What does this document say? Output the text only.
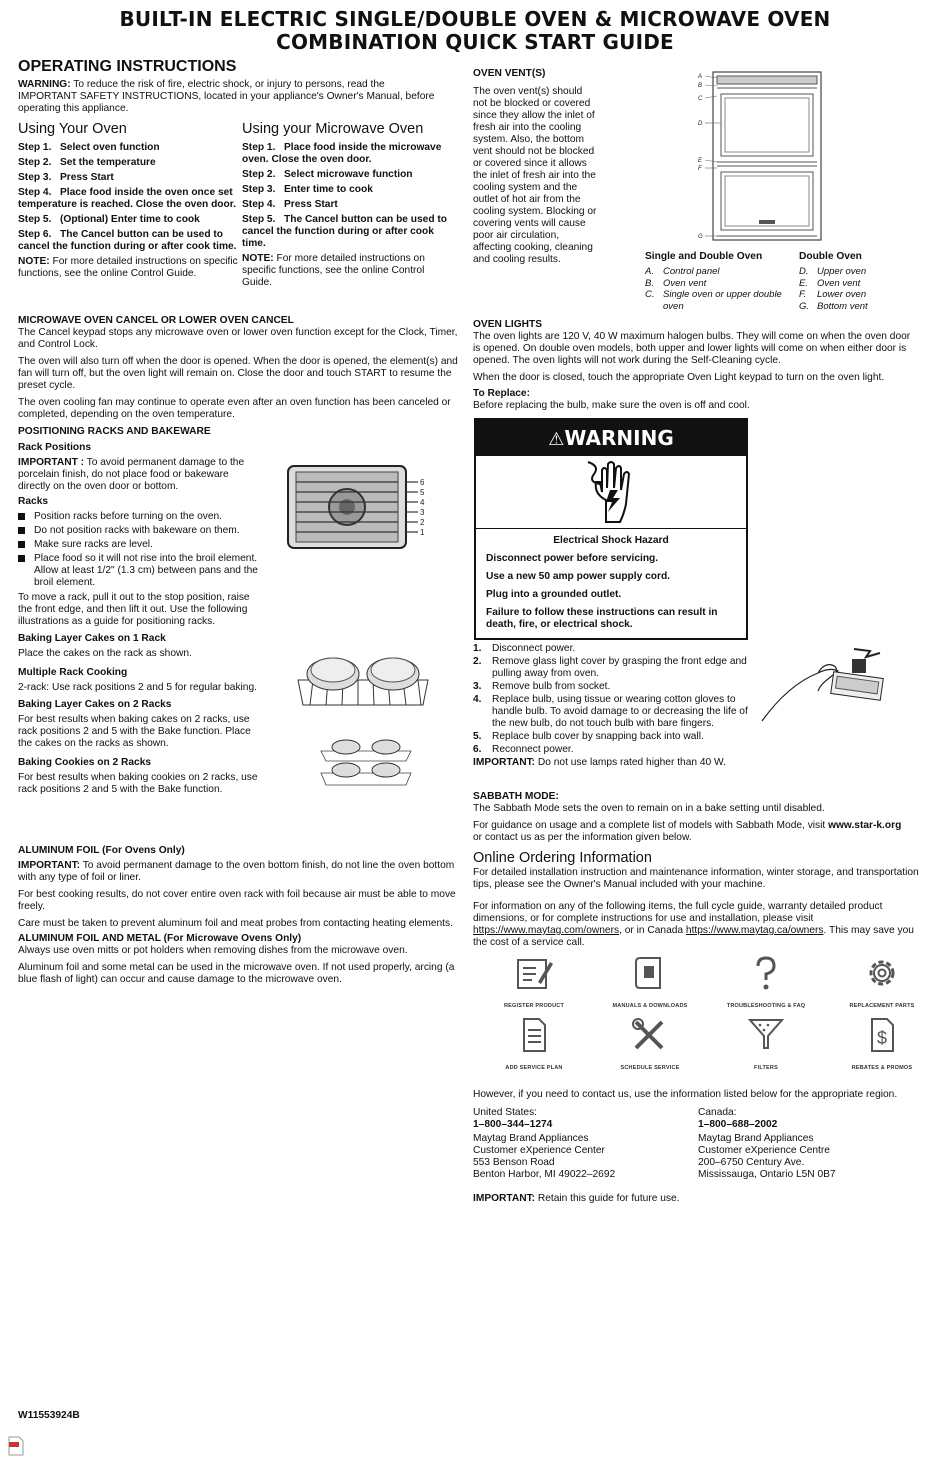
BUILT-IN ELECTRIC SINGLE/DOUBLE OVEN & MICROWAVE OVEN
COMBINATION QUICK START GUIDE
OPERATING INSTRUCTIONS

WARNING: To reduce the risk of fire, electric shock, or injury to persons, read the IMPORTANT SAFETY INSTRUCTIONS, located in your appliance's Owner's Manual, before operating this appliance.

Using Your Oven

Step 1. Select oven function

Step 2. Set the temperature

Step 3. Press Start

Step 4. Place food inside the oven once set temperature is reached. Close the oven door.

Step 5. (Optional) Enter time to cook

Step 6. The Cancel button can be used to cancel the function during or after cook time.

NOTE: For more detailed instructions on specific functions, see the online Control Guide.

Using your Microwave Oven

Step 1. Place food inside the microwave oven. Close the oven door.

Step 2. Select microwave function

Step 3. Enter time to cook

Step 4. Press Start

Step 5. The Cancel button can be used to cancel the function during or after cook time.

NOTE: For more detailed instructions on specific functions, see the online Control Guide.

MICROWAVE OVEN CANCEL OR LOWER OVEN CANCEL

The Cancel keypad stops any microwave oven or lower oven function except for the Clock, Timer, and Control Lock.

The oven will also turn off when the door is opened. When the door is opened, the element(s) and fan will turn off, but the oven light will remain on. Close the door and touch START to resume the preset cycle.

The oven cooling fan may continue to operate even after an oven function has been canceled or completed, depending on the oven temperature.

POSITIONING RACKS AND BAKEWARE
Rack Positions

IMPORTANT : To avoid permanent damage to the porcelain finish, do not place food or bakeware directly on the oven door or bottom.

Racks
Position racks before turning on the oven.
Do not position racks with bakeware on them.
Make sure racks are level.
Place food so it will not rise into the broil element. Allow at least 1/2" (1.3 cm) between pans and the broil element.

To move a rack, pull it out to the stop position, raise the front edge, and then lift it out. Use the following illustrations as a guide for positioning racks.

Baking Layer Cakes on 1 Rack

Place the cakes on the rack as shown.

Multiple Rack Cooking

2-rack: Use rack positions 2 and 5 for regular baking.

Baking Layer Cakes on 2 Racks

For best results when baking cakes on 2 racks, use rack positions 2 and 5 with the Bake function. Place the cakes on the racks as shown.

Baking Cookies on 2 Racks

For best results when baking cookies on 2 racks, use rack positions 2 and 5 with the Bake function.

6
5
4
3
2
1
ALUMINUM FOIL (For Ovens Only)

IMPORTANT: To avoid permanent damage to the oven bottom finish, do not line the oven bottom with any type of foil or liner.

For best cooking results, do not cover entire oven rack with foil because air must be able to move freely.

Care must be taken to prevent aluminum foil and meat probes from contacting heating elements.

ALUMINUM FOIL AND METAL (For Microwave Ovens Only)

Always use oven mitts or pot holders when removing dishes from the microwave oven.

Aluminum foil and some metal can be used in the microwave oven. If not used properly, arcing (a blue flash of light) can occur and cause damage to the microwave oven.

OVEN VENT(S)

The oven vent(s) should not be blocked or covered since they allow the inlet of fresh air into the cooling system. Also, the bottom vent should not be blocked or covered since it allows the inlet of fresh air into the cooling system and the outlet of hot air from the cooling system. Blocking or covering vents will cause poor air circulation, affecting cooking, cleaning and cooling results.

A
B
C
D
E
F
G
Single and Double Oven
A. Control panel
B. Oven vent
C. Single oven or upper double oven
Double Oven
D. Upper oven
E. Oven vent
F.	Lower oven
G. Bottom vent
OVEN LIGHTS

The oven lights are 120 V, 40 W maximum halogen bulbs. They will come on when the oven door is opened. On double oven models, both upper and lower lights will come on when either door is opened. The oven lights will not work during the Self-Cleaning cycle.

When the door is closed, touch the appropriate Oven Light keypad to turn on the oven light.

To Replace:

Before replacing the bulb, make sure the oven is off and cool.

⚠WARNING
Electrical Shock Hazard

Disconnect power before servicing.

Use a new 50 amp power supply cord.

Plug into a grounded outlet.

Failure to follow these instructions can result in death, fire, or electrical shock.

1. Disconnect power.
2. Remove glass light cover by grasping the front edge and pulling away from oven.
3. Remove bulb from socket.
4. Replace bulb, using tissue or wearing cotton gloves to handle bulb. To avoid damage to or decreasing the life of the new bulb, do not touch bulb with bare fingers.
5. Replace bulb cover by snapping back into wall.
6. Reconnect power.

IMPORTANT: Do not use lamps rated higher than 40 W.

SABBATH MODE:

The Sabbath Mode sets the oven to remain on in a bake setting until disabled.

For guidance on usage and a complete list of models with Sabbath Mode, visit www.star-k.org or contact us as per the information given below.

Online Ordering Information

For detailed installation instruction and maintenance information, winter storage, and transportation tips, please see the Owner's Manual included with your machine.

For information on any of the following items, the full cycle guide, warranty detailed product dimensions, or for complete instructions for use and installation, please visit https://www.maytag.com/owners, or in Canada https://www.maytag.ca/owners. This may save you the cost of a service call.

REGISTER PRODUCT	MANUALS & DOWNLOADS	TROUBLESHOOTING & FAQ	REPLACEMENT PARTS
ADD SERVICE PLAN	SCHEDULE SERVICE	FILTERS
$
REBATES & PROMOS
However, if you need to contact us, use the information listed below for the appropriate region.

United States:

1–800–344–1274

Maytag Brand Appliances

Customer eXperience Center

553 Benson Road

Benton Harbor, MI 49022–2692

Canada:

1–800–688–2002

Maytag Brand Appliances

Customer eXperience Centre

200–6750 Century Ave.

Mississauga, Ontario L5N 0B7

IMPORTANT: Retain this guide for future use.
W11553924B
